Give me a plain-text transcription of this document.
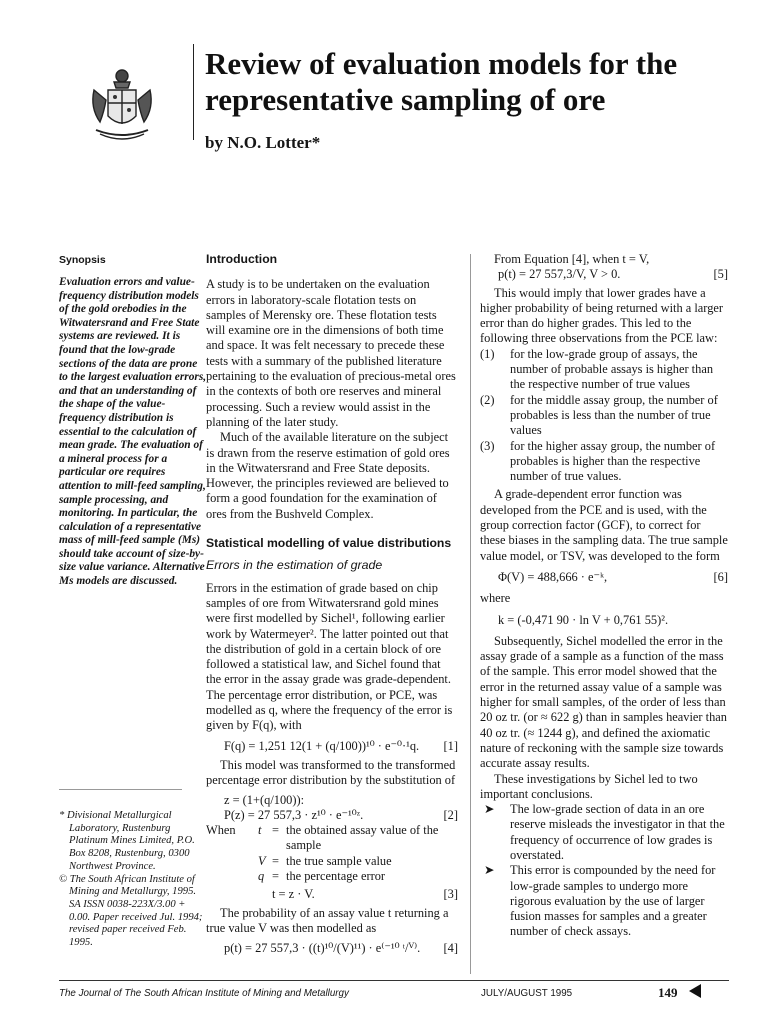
Review of evaluation models for the representative sampling of ore
by N.O. Lotter*
Synopsis

Evaluation errors and value-frequency distribution models of the gold orebodies in the Witwatersrand and Free State systems are reviewed. It is found that the low-grade sections of the data are prone to the largest evaluation errors, and that an understanding of the shape of the value-frequency distribution is essential to the calculation of mean grade. The evaluation of a mineral process for a particular ore requires attention to mill-feed sampling, sample processing, and monitoring. In particular, the calculation of a representative mass of mill-feed sample (Ms) should take account of size-by-size value variance. Alternative Ms models are discussed.

* Divisional Metallurgical Laboratory, Rustenburg Platinum Mines Limited, P.O. Box 8208, Rustenburg, 0300 Northwest Province.

© The South African Institute of Mining and Metallurgy, 1995. SA ISSN 0038-223X/3.00 + 0.00. Paper received Jul. 1994; revised paper received Feb. 1995.

Introduction

A study is to be undertaken on the evaluation errors in laboratory-scale flotation tests on samples of Merensky ore. These flotation tests will examine ore in the dimensions of both time and space. It was felt necessary to precede these tests with a summary of the published literature pertaining to the evaluation of precious-metal ores in the contexts of both ore reserves and mineral processing. Such a review would assist in the planning of the later study.

Much of the available literature on the subject is drawn from the reserve estimation of gold ores in the Witwatersrand and Free State deposits. However, the principles reviewed are believed to form a good foundation for the examination of ores from the Bushveld Complex.

Statistical modelling of value distributions
Errors in the estimation of grade

Errors in the estimation of grade based on chip samples of ore from Witwatersrand gold mines were first modelled by Sichel¹, following earlier work by Watermeyer². The latter pointed out that the distribution of gold in a certain block of ore followed a statistical law, and Sichel found that the error in the assay grade was grade-dependent. The percentage error distribution, or PCE, was modelled as q, where the frequency of the error is given by F(q), with

F(q) = 1,251 12(1 + (q/100))¹⁰ · e⁻⁰·¹q.	[1]

This model was transformed to the transformed percentage error distribution by the substitution of

z = (1+(q/100)):
P(z) = 27 557,3 · z¹⁰ · e⁻¹⁰ᶻ.	[2]
When	t = the obtained assay value of the sample
V = the true sample value
q = the percentage error
t = z · V.	[3]

The probability of an assay value t returning a true value V was then modelled as

p(t) = 27 557,3 · ((t)¹⁰/(V)¹¹) · e⁽⁻¹⁰ ᵗ/ⱽ⁾.	[4]

From Equation [4], when t = V,

p(t) = 27 557,3/V, V > 0.	[5]

This would imply that lower grades have a higher probability of being returned with a larger error than do higher grades. This led to the following three observations from the PCE law:

(1)	for the low-grade group of assays, the number of probable assays is higher than the respective number of true values
(2)	for the middle assay group, the number of probables is less than the number of true values
(3)	for the higher assay group, the number of probables is higher than the respective number of true values.

A grade-dependent error function was developed from the PCE and is used, with the group correction factor (GCF), to correct for these biases in the sampling data. The true sample value model, or TSV, was developed to the form

Φ(V) = 488,666 · e⁻ᵏ,	[6]

where

k = (-0,471 90 · ln V + 0,761 55)².

Subsequently, Sichel modelled the error in the assay grade of a sample as a function of the mass of the sample. This error model showed that the error in the returned assay value of a sample was higher for small samples, of the order of less than 20 oz tr. (or ≈ 622 g) than in samples heavier than 40 oz tr. (≈ 1244 g), and defined the axiomatic nature of reckoning with the sample size towards accurate assay results.

These investigations by Sichel led to two important conclusions.

➤	The low-grade section of data in an ore reserve misleads the investigator in that the frequency of occurrence of low grades is overstated.
➤	This error is compounded by the need for low-grade samples to undergo more rigorous evaluation by the use of larger fusion masses for samples and a greater number of check assays.
The Journal of The South African Institute of Mining and Metallurgy	JULY/AUGUST 1995	149
